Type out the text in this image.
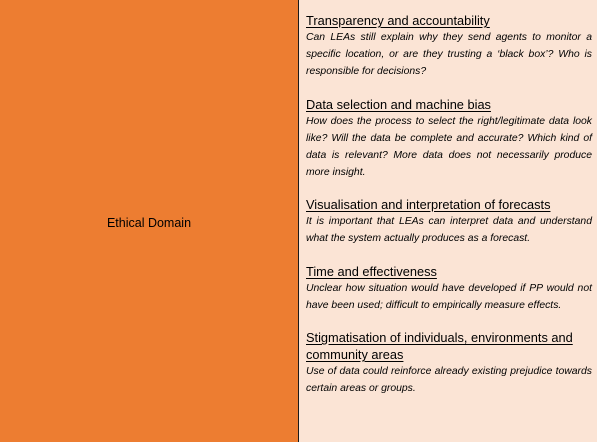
Ethical Domain
Transparency and accountability
Can LEAs still explain why they send agents to monitor a specific location, or are they trusting a ‘black box’? Who is responsible for decisions?
Data selection and machine bias
How does the process to select the right/legitimate data look like? Will the data be complete and accurate? Which kind of data is relevant? More data does not necessarily produce more insight.
Visualisation and interpretation of forecasts
It is important that LEAs can interpret data and understand what the system actually produces as a forecast.
Time and effectiveness
Unclear how situation would have developed if PP would not have been used; difficult to empirically measure effects.
Stigmatisation of individuals, environments and community areas
Use of data could reinforce already existing prejudice towards certain areas or groups.
